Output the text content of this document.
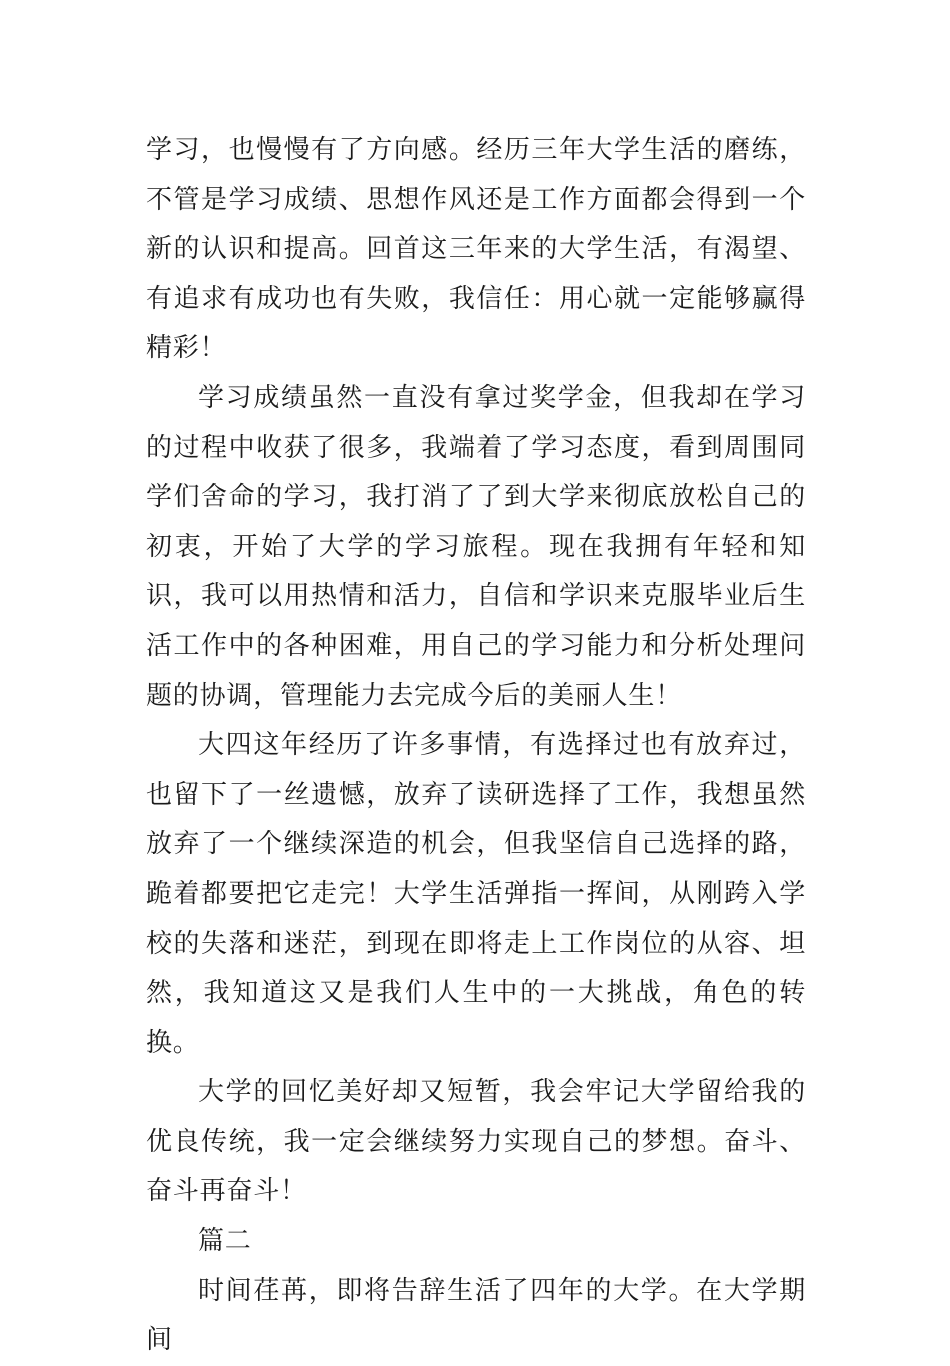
学习，也慢慢有了方向感。经历三年大学生活的磨练，不管是学习成绩、思想作风还是工作方面都会得到一个新的认识和提高。回首这三年来的大学生活，有渴望、有追求有成功也有失败，我信任：用心就一定能够赢得精彩！

学习成绩虽然一直没有拿过奖学金，但我却在学习的过程中收获了很多，我端着了学习态度，看到周围同学们舍命的学习，我打消了了到大学来彻底放松自己的初衷，开始了大学的学习旅程。现在我拥有年轻和知识，我可以用热情和活力，自信和学识来克服毕业后生活工作中的各种困难，用自己的学习能力和分析处理问题的协调，管理能力去完成今后的美丽人生！

大四这年经历了许多事情，有选择过也有放弃过，也留下了一丝遗憾，放弃了读研选择了工作，我想虽然放弃了一个继续深造的机会，但我坚信自己选择的路，跪着都要把它走完！大学生活弹指一挥间，从刚跨入学校的失落和迷茫，到现在即将走上工作岗位的从容、坦然，我知道这又是我们人生中的一大挑战，角色的转换。

大学的回忆美好却又短暂，我会牢记大学留给我的优良传统，我一定会继续努力实现自己的梦想。奋斗、奋斗再奋斗！

篇二

时间荏苒，即将告辞生活了四年的大学。在大学期间
